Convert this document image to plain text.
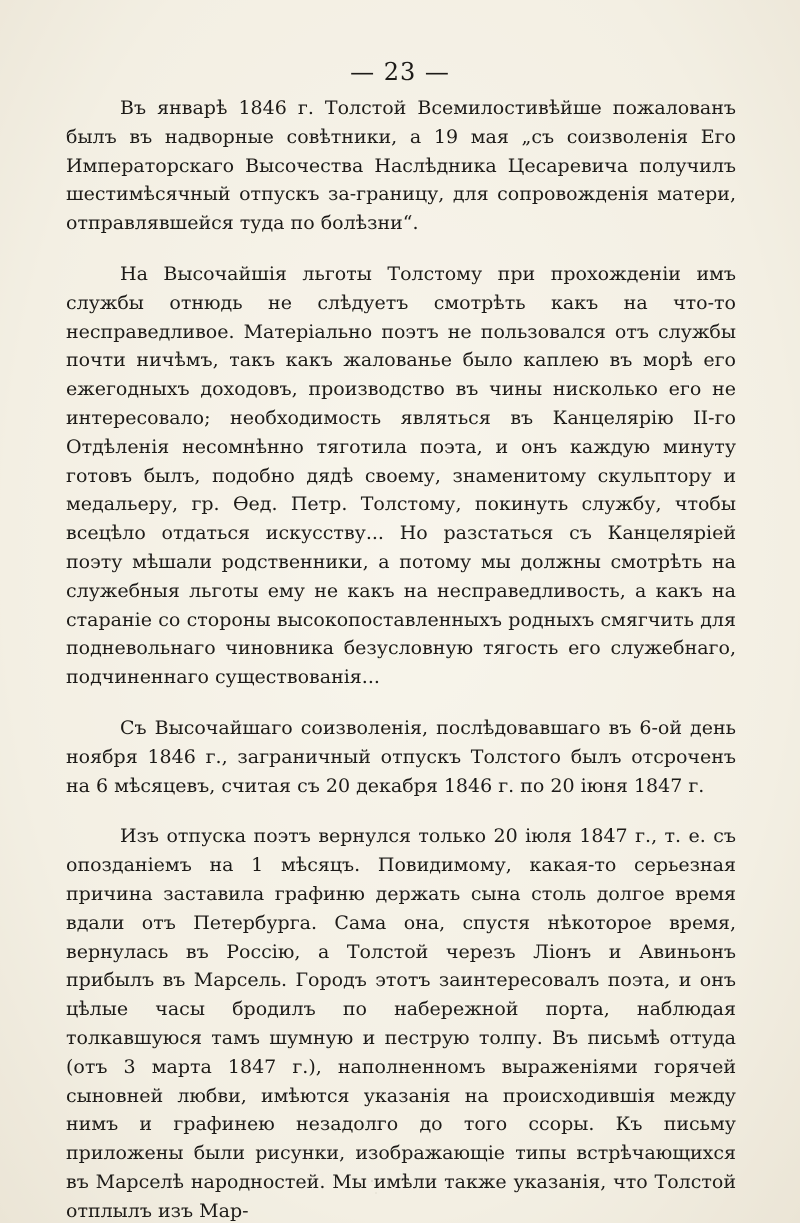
— 23 —

Въ январѣ 1846 г. Толстой Всемилостивѣйше пожалованъ былъ въ надворные совѣтники, а 19 мая „съ соизволенія Его Императорскаго Высочества Наслѣдника Цесаревича получилъ шестимѣсячный отпускъ за-границу, для сопровожденія матери, отправлявшейся туда по болѣзни“.

На Высочайшія льготы Толстому при прохожденіи имъ службы отнюдь не слѣдуетъ смотрѣть какъ на что-то несправедливое. Матеріально поэтъ не пользовался отъ службы почти ничѣмъ, такъ какъ жалованье было каплею въ морѣ его ежегодныхъ доходовъ, производство въ чины нисколько его не интересовало; необходимость являться въ Канцелярію II-го Отдѣленія несомнѣнно тяготила поэта, и онъ каждую минуту готовъ былъ, подобно дядѣ своему, знаменитому скульптору и медальеру, гр. Ѳед. Петр. Толстому, покинуть службу, чтобы всецѣло отдаться искусству... Но разстаться съ Канцеляріей поэту мѣшали родственники, а потому мы должны смотрѣть на служебныя льготы ему не какъ на несправедливость, а какъ на стараніе со стороны высокопоставленныхъ родныхъ смягчить для подневольнаго чиновника безусловную тягость его служебнаго, подчиненнаго существованія...

Съ Высочайшаго соизволенія, послѣдовавшаго въ 6-ой день ноября 1846 г., заграничный отпускъ Толстого былъ отсроченъ на 6 мѣсяцевъ, считая съ 20 декабря 1846 г. по 20 іюня 1847 г.

Изъ отпуска поэтъ вернулся только 20 іюля 1847 г., т. е. съ опозданіемъ на 1 мѣсяцъ. Повидимому, какая-то серьезная причина заставила графиню держать сына столь долгое время вдали отъ Петербурга. Сама она, спустя нѣкоторое время, вернулась въ Россію, а Толстой черезъ Ліонъ и Авиньонъ прибылъ въ Марсель. Городъ этотъ заинтересовалъ поэта, и онъ цѣлые часы бродилъ по набережной порта, наблюдая толкавшуюся тамъ шумную и пеструю толпу. Въ письмѣ оттуда (отъ 3 марта 1847 г.), наполненномъ выраженіями горячей сыновней любви, имѣются указанія на происходившія между нимъ и графинею незадолго до того ссоры. Къ письму приложены были рисунки, изображающіе типы встрѣчающихся въ Марселѣ народностей. Мы имѣли также указанія, что Толстой отплылъ изъ Мар-
